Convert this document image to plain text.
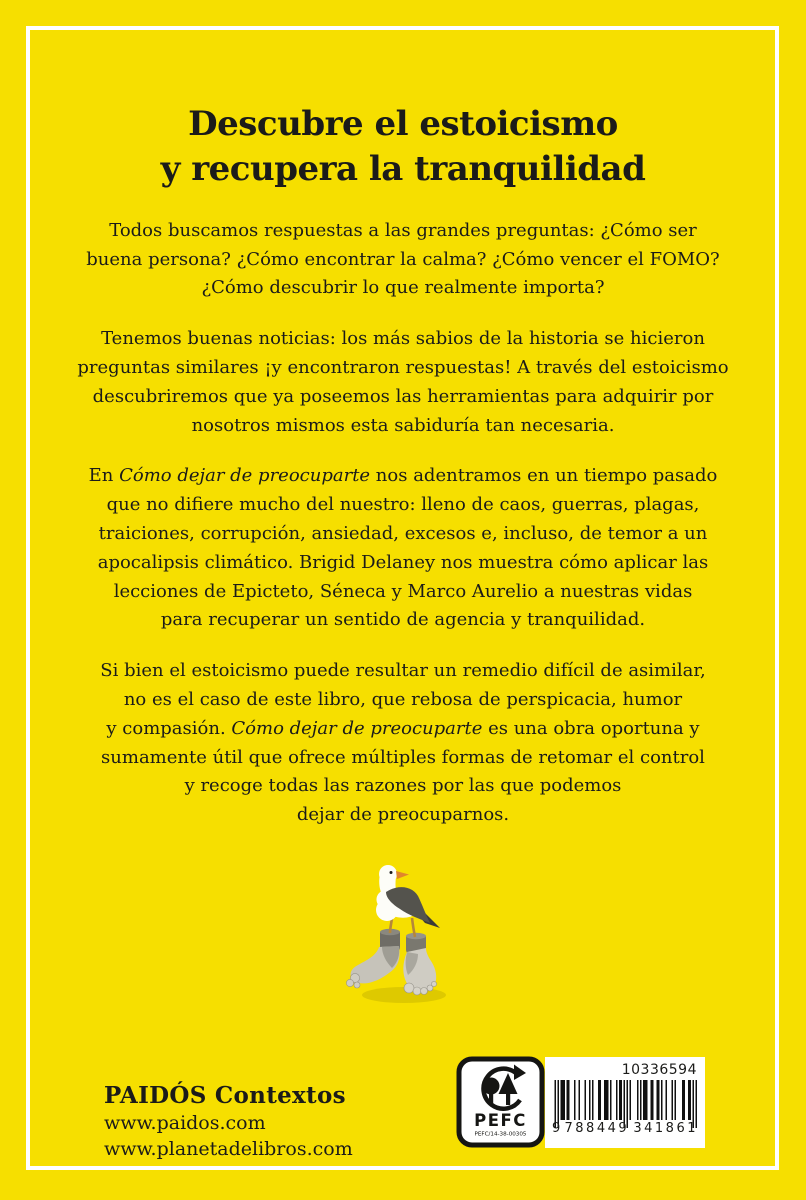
Descubre el estoicismo
y recupera la tranquilidad
Todos buscamos respuestas a las grandes preguntas: ¿Cómo ser
buena persona? ¿Cómo encontrar la calma? ¿Cómo vencer el FOMO?
¿Cómo descubrir lo que realmente importa?
Tenemos buenas noticias: los más sabios de la historia se hicieron
preguntas similares ¡y encontraron respuestas! A través del estoicismo
descubriremos que ya poseemos las herramientas para adquirir por
nosotros mismos esta sabiduría tan necesaria.
En Cómo dejar de preocuparte nos adentramos en un tiempo pasado
que no difiere mucho del nuestro: lleno de caos, guerras, plagas,
traiciones, corrupción, ansiedad, excesos e, incluso, de temor a un
apocalipsis climático. Brigid Delaney nos muestra cómo aplicar las
lecciones de Epicteto, Séneca y Marco Aurelio a nuestras vidas
para recuperar un sentido de agencia y tranquilidad.
Si bien el estoicismo puede resultar un remedio difícil de asimilar,
no es el caso de este libro, que rebosa de perspicacia, humor
y compasión. Cómo dejar de preocuparte es una obra oportuna y
sumamente útil que ofrece múltiples formas de retomar el control
y recoge todas las razones por las que podemos
dejar de preocuparnos.
PAIDÓS Contextos
www.paidos.com
www.planetadelibros.com
PEFC
PEFC/14-38-00305
10336594
9 788449 341861
